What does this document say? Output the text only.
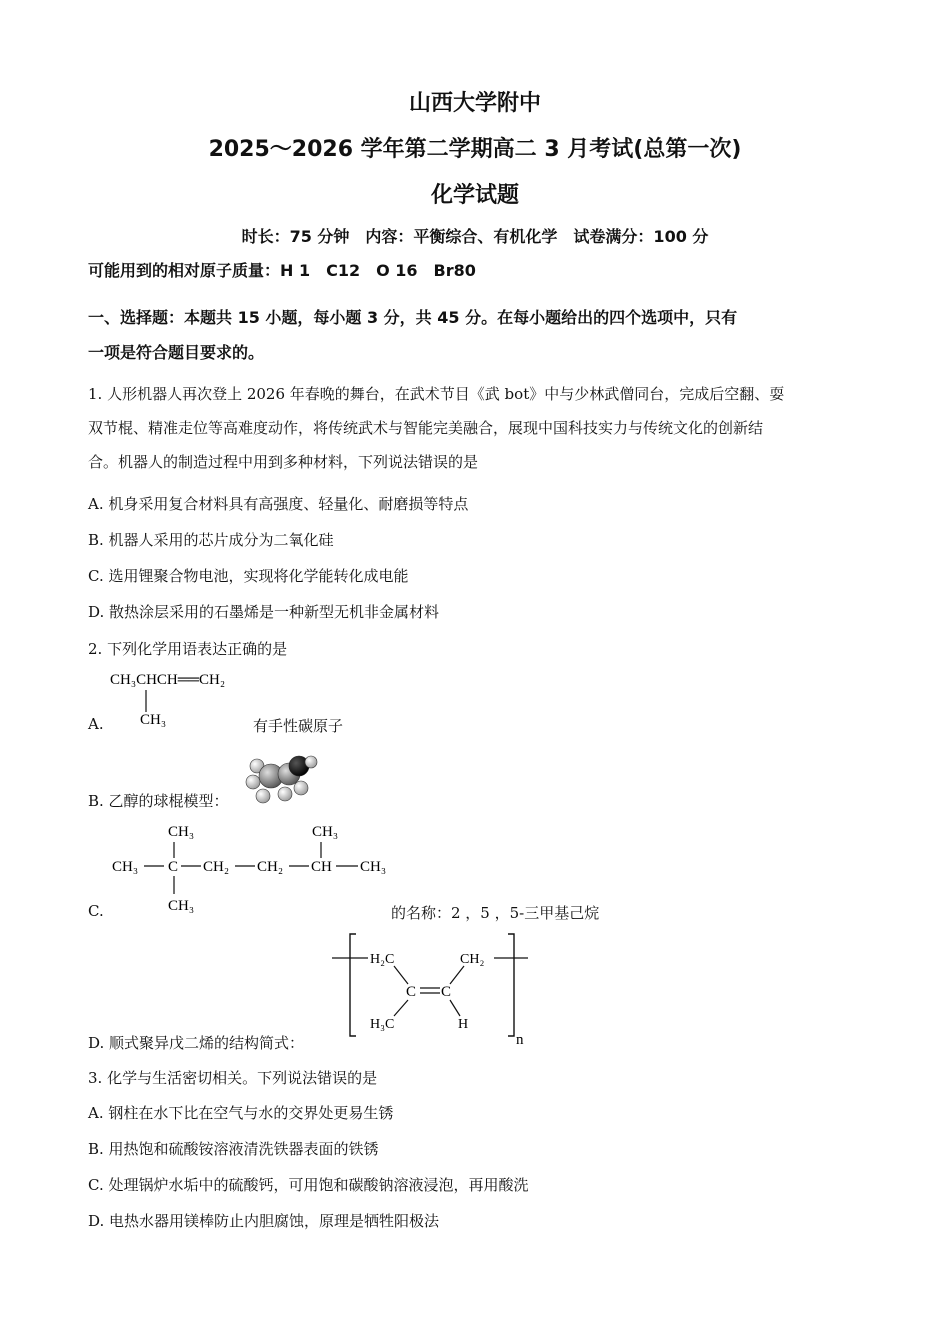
山西大学附中
2025～2026 学年第二学期高二 3 月考试(总第一次)
化学试题
时长：75 分钟　内容：平衡综合、有机化学　试卷满分：100 分
可能用到的相对原子质量：H 1　C12　O 16　Br80
一、选择题：本题共 15 小题，每小题 3 分，共 45 分。在每小题给出的四个选项中，只有
一项是符合题目要求的。
1. 人形机器人再次登上 2026 年春晚的舞台，在武术节目《武 bot》中与少林武僧同台，完成后空翻、耍
双节棍、精准走位等高难度动作，将传统武术与智能完美融合，展现中国科技实力与传统文化的创新结
合。机器人的制造过程中用到多种材料，下列说法错误的是
A. 机身采用复合材料具有高强度、轻量化、耐磨损等特点
B. 机器人采用的芯片成分为二氧化硅
C. 选用锂聚合物电池，实现将化学能转化成电能
D. 散热涂层采用的石墨烯是一种新型无机非金属材料
2. 下列化学用语表达正确的是
CH₃CHCH══CH₂
CH₃
A.	有手性碳原子
B. 乙醇的球棍模型：
CH₃	CH₃
CH₃ C CH₂ CH₂ CH CH₃
CH₃
C.	的名称：2 ，5 ，5-三甲基己烷
D. 顺式聚异戊二烯的结构简式：
H₂C	CH₂
C C
H₃C	H
n
3. 化学与生活密切相关。下列说法错误的是
A. 钢柱在水下比在空气与水的交界处更易生锈
B. 用热饱和硫酸铵溶液清洗铁器表面的铁锈
C. 处理锅炉水垢中的硫酸钙，可用饱和碳酸钠溶液浸泡，再用酸洗
D. 电热水器用镁棒防止内胆腐蚀，原理是牺牲阳极法
